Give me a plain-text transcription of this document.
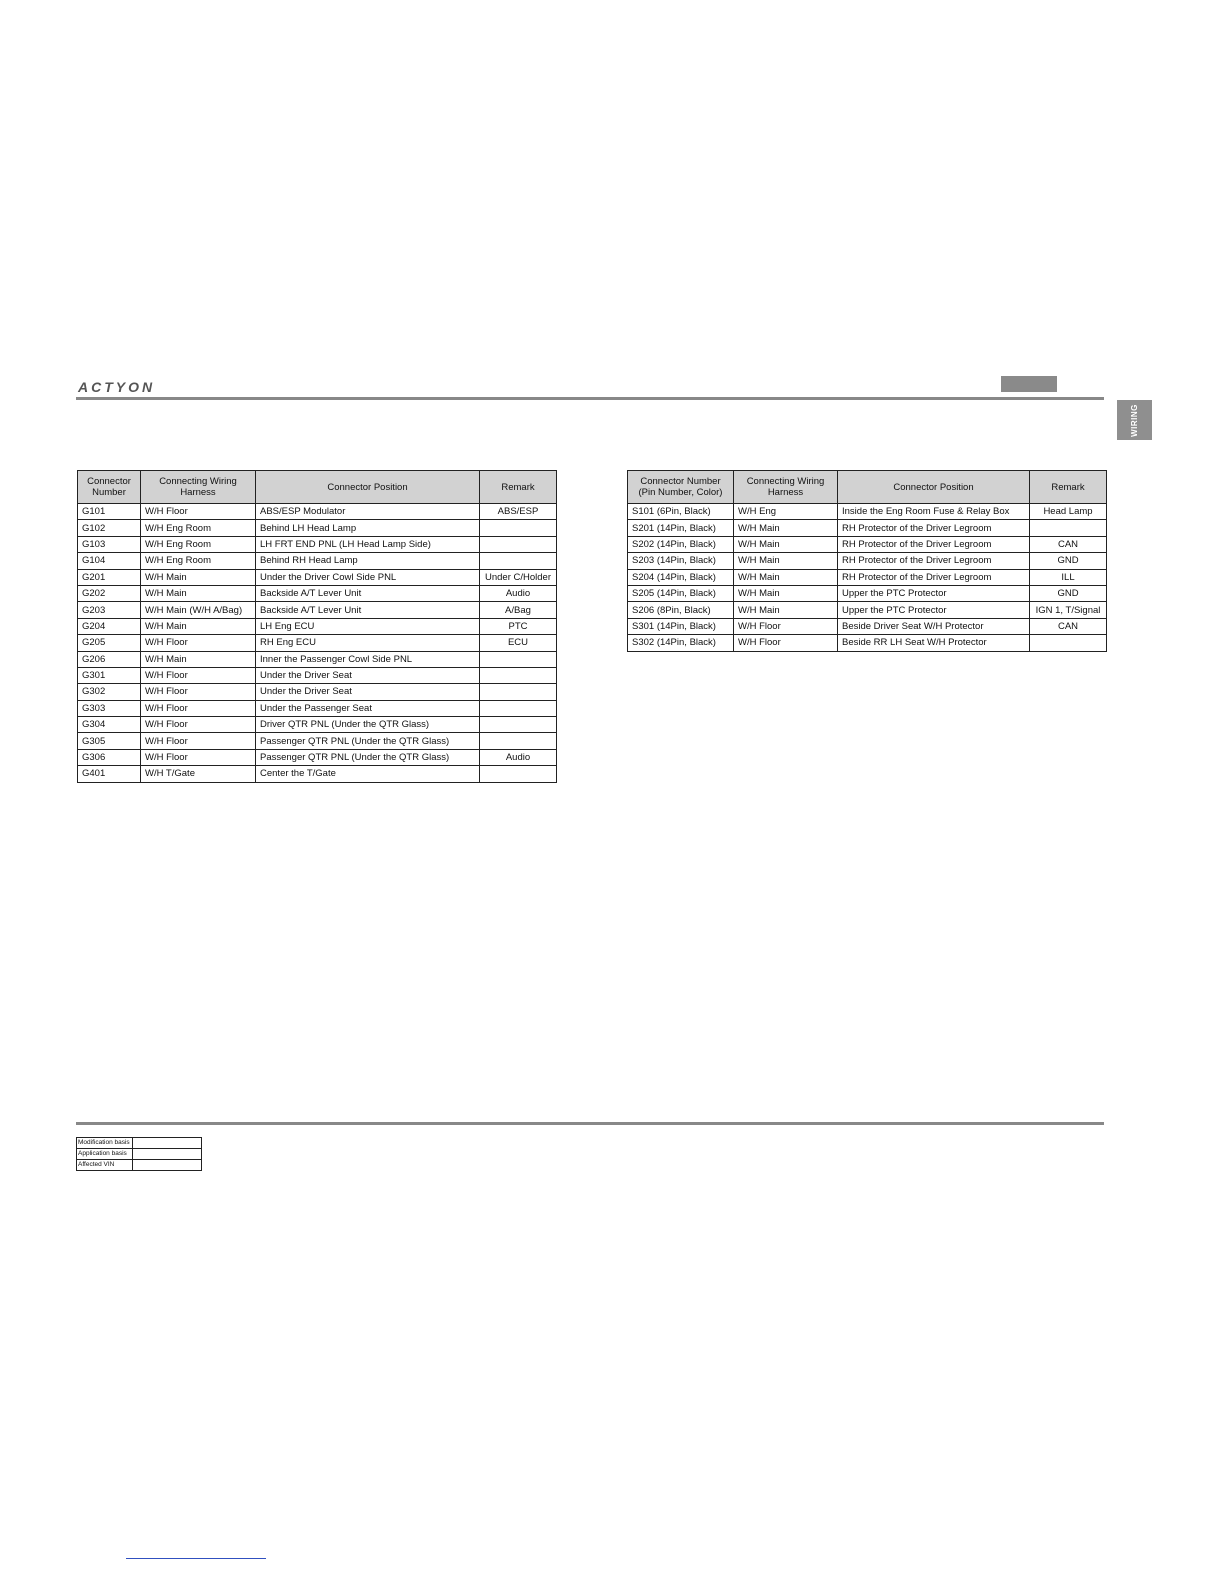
ACTYON
WIRING
Connector Number	Connecting Wiring Harness	Connector Position	Remark
G101	W/H Floor	ABS/ESP Modulator	ABS/ESP
G102	W/H Eng Room	Behind LH Head Lamp	
G103	W/H Eng Room	LH FRT END PNL (LH Head Lamp Side)	
G104	W/H Eng Room	Behind RH Head Lamp	
G201	W/H Main	Under the Driver Cowl Side PNL	Under C/Holder
G202	W/H Main	Backside A/T Lever Unit	Audio
G203	W/H Main (W/H A/Bag)	Backside A/T Lever Unit	A/Bag
G204	W/H Main	LH Eng ECU	PTC
G205	W/H Floor	RH Eng ECU	ECU
G206	W/H Main	Inner the Passenger Cowl Side PNL	
G301	W/H Floor	Under the Driver Seat	
G302	W/H Floor	Under the Driver Seat	
G303	W/H Floor	Under the Passenger Seat	
G304	W/H Floor	Driver QTR PNL (Under the QTR Glass)	
G305	W/H Floor	Passenger QTR PNL (Under the QTR Glass)	
G306	W/H Floor	Passenger QTR PNL (Under the QTR Glass)	Audio
G401	W/H T/Gate	Center the T/Gate	
Connector Number (Pin Number, Color)	Connecting Wiring Harness	Connector Position	Remark
S101 (6Pin, Black)	W/H Eng	Inside the Eng Room Fuse & Relay Box	Head Lamp
S201 (14Pin, Black)	W/H Main	RH Protector of the Driver Legroom	
S202 (14Pin, Black)	W/H Main	RH Protector of the Driver Legroom	CAN
S203 (14Pin, Black)	W/H Main	RH Protector of the Driver Legroom	GND
S204 (14Pin, Black)	W/H Main	RH Protector of the Driver Legroom	ILL
S205 (14Pin, Black)	W/H Main	Upper the PTC Protector	GND
S206 (8Pin, Black)	W/H Main	Upper the PTC Protector	IGN 1, T/Signal
S301 (14Pin, Black)	W/H Floor	Beside Driver Seat W/H Protector	CAN
S302 (14Pin, Black)	W/H Floor	Beside RR LH Seat W/H Protector	
Modification basis	
Application basis	
Affected VIN	
